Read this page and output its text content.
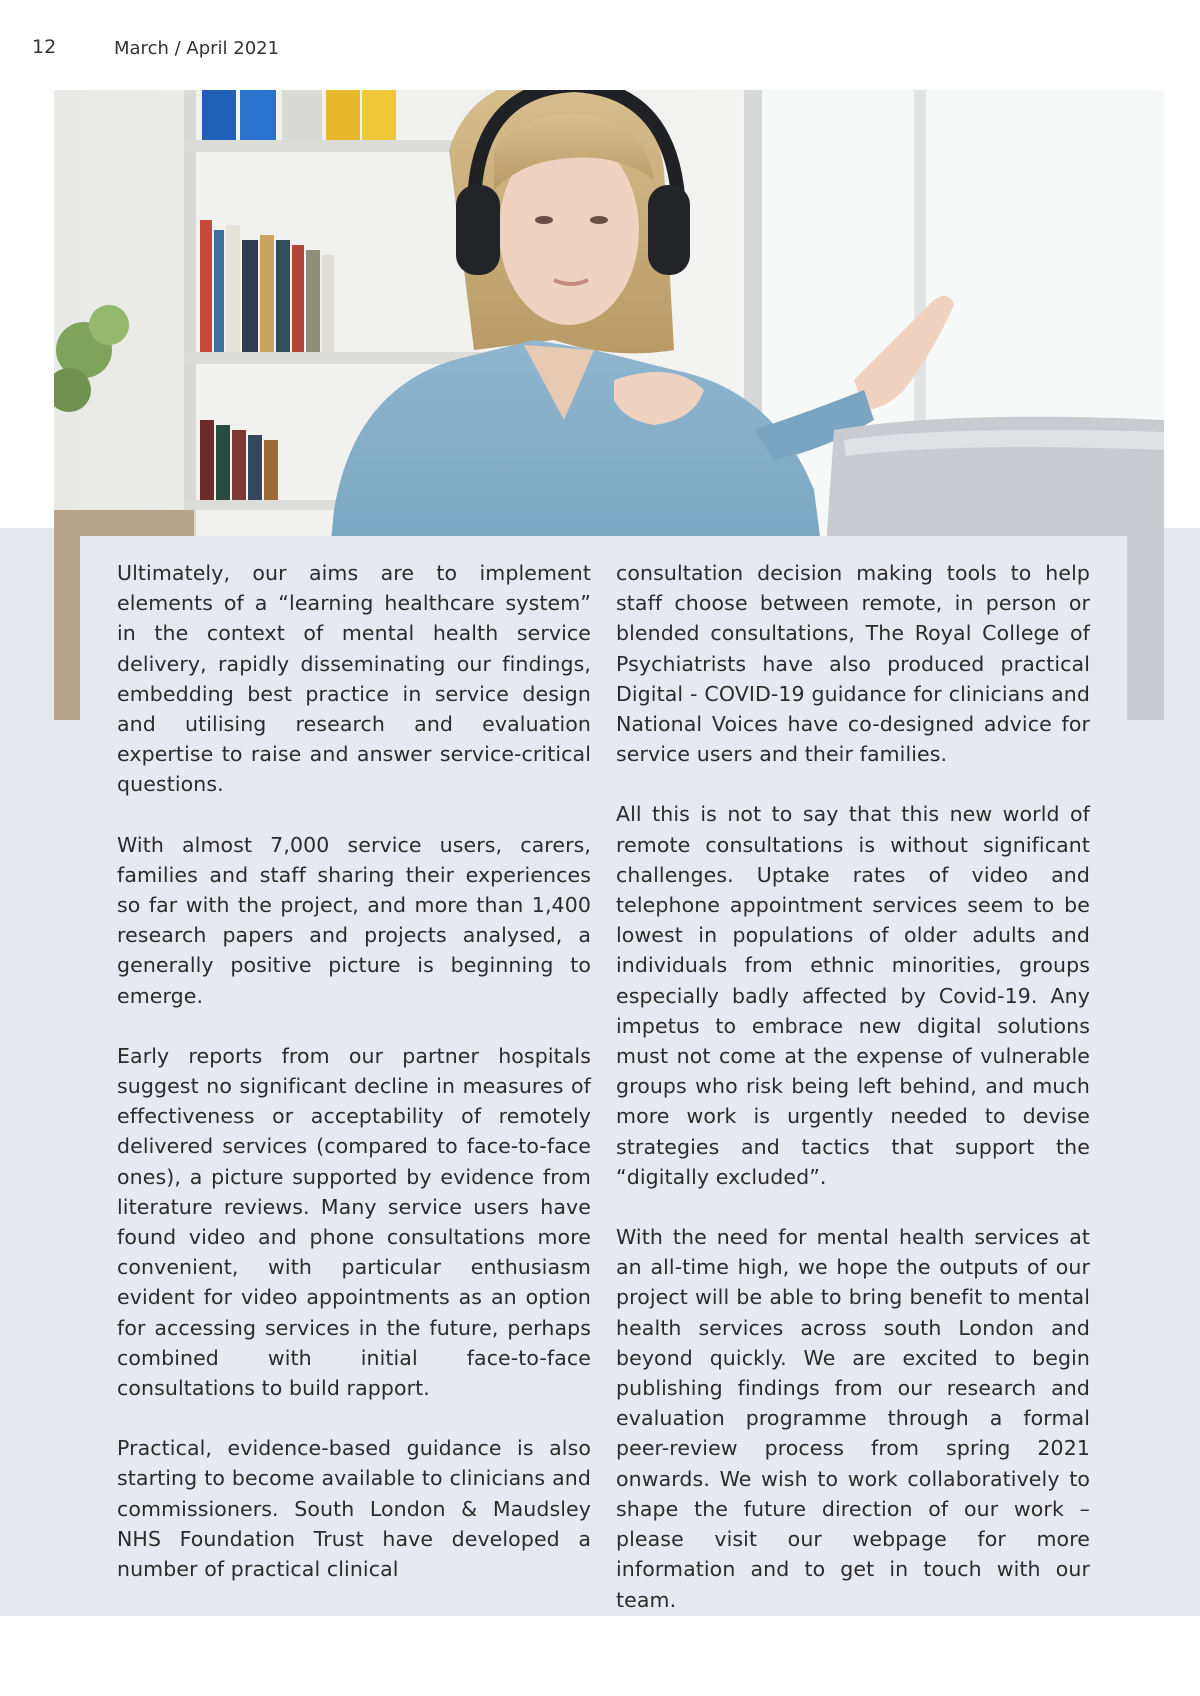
12	March / April 2021

Ultimately, our aims are to implement elements of a “learning healthcare system” in the context of mental health service delivery, rapidly disseminating our findings, embedding best practice in service design and utilising research and evaluation expertise to raise and answer service-critical questions.

With almost 7,000 service users, carers, families and staff sharing their experiences so far with the project, and more than 1,400 research papers and projects analysed, a generally positive picture is beginning to emerge.

Early reports from our partner hospitals suggest no significant decline in measures of effectiveness or acceptability of remotely delivered services (compared to face-to-face ones), a picture supported by evidence from literature reviews. Many service users have found video and phone consultations more convenient, with particular enthusiasm evident for video appointments as an option for accessing services in the future, perhaps combined with initial face-to-face consultations to build rapport.

Practical, evidence-based guidance is also starting to become available to clinicians and commissioners. South London & Maudsley NHS Foundation Trust have developed a number of practical clinical

consultation decision making tools to help staff choose between remote, in person or blended consultations, The Royal College of Psychiatrists have also produced practical Digital - COVID-19 guidance for clinicians and National Voices have co-designed advice for service users and their families.

All this is not to say that this new world of remote consultations is without significant challenges. Uptake rates of video and telephone appointment services seem to be lowest in populations of older adults and individuals from ethnic minorities, groups especially badly affected by Covid-19. Any impetus to embrace new digital solutions must not come at the expense of vulnerable groups who risk being left behind, and much more work is urgently needed to devise strategies and tactics that support the “digitally excluded”.

With the need for mental health services at an all-time high, we hope the outputs of our project will be able to bring benefit to mental health services across south London and beyond quickly. We are excited to begin publishing findings from our research and evaluation programme through a formal peer-review process from spring 2021 onwards. We wish to work collaboratively to shape the future direction of our work – please visit our webpage for more information and to get in touch with our team.
